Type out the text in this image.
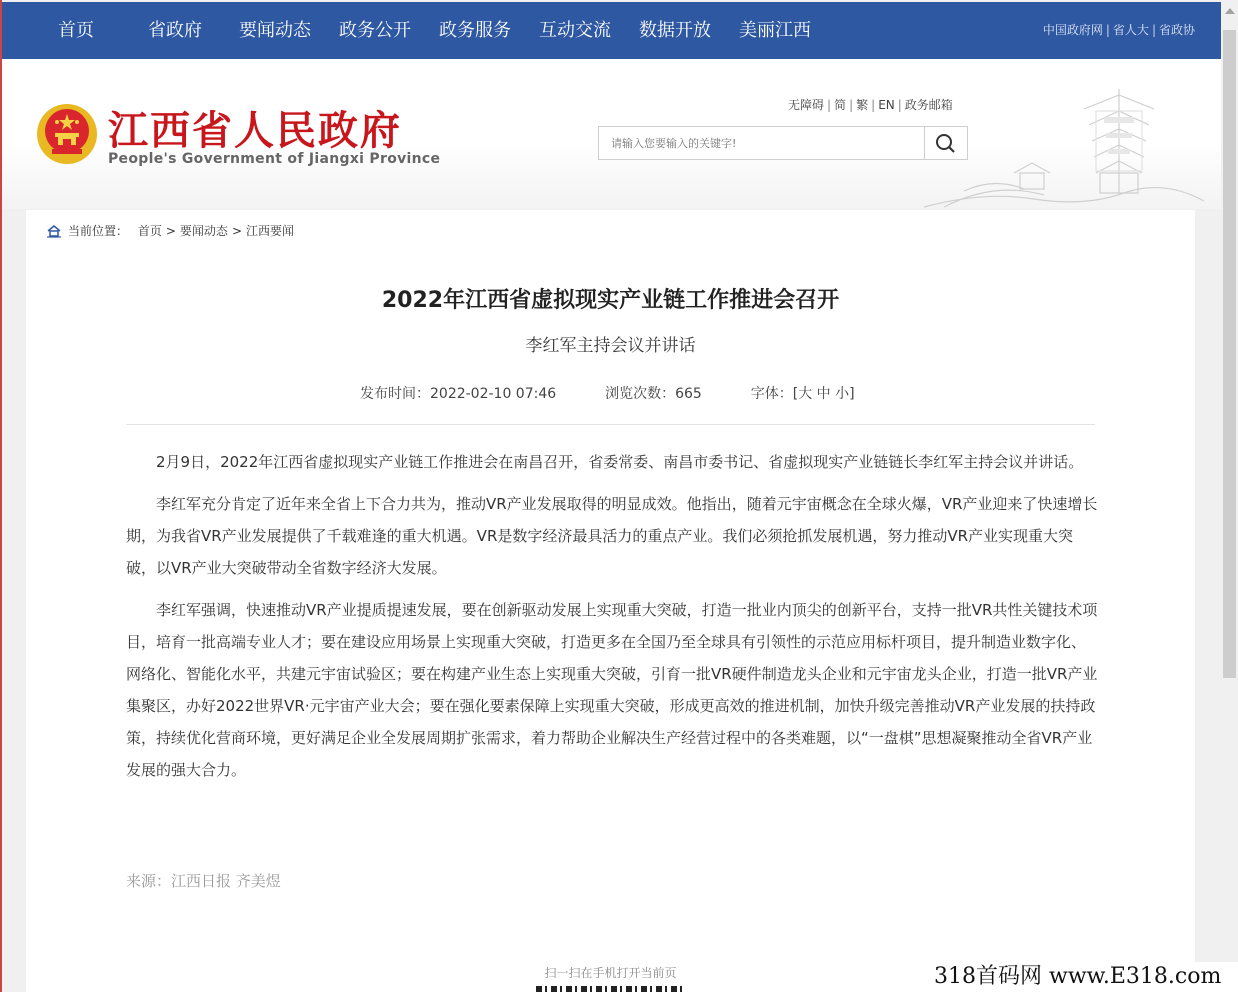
首页	省政府 要闻动态 政务公开 政务服务 互动交流 数据开放 美丽江西	中国政府网 | 省人大 | 省政协
江西省人民政府
People's Government of Jiangxi Province
无障碍 | 简 | 繁 | EN | 政务邮箱
请输入您要输入的关键字!
当前位置： 首页 > 要闻动态 > 江西要闻
2022年江西省虚拟现实产业链工作推进会召开
李红军主持会议并讲话
发布时间：2022-02-10 07:46	浏览次数：665	字体：[大 中 小]

2月9日，2022年江西省虚拟现实产业链工作推进会在南昌召开，省委常委、南昌市委书记、省虚拟现实产业链链长李红军主持会议并讲话。

李红军充分肯定了近年来全省上下合力共为，推动VR产业发展取得的明显成效。他指出，随着元宇宙概念在全球火爆，VR产业迎来了快速增长期，为我省VR产业发展提供了千载难逢的重大机遇。VR是数字经济最具活力的重点产业。我们必须抢抓发展机遇，努力推动VR产业实现重大突破，以VR产业大突破带动全省数字经济大发展。

李红军强调，快速推动VR产业提质提速发展，要在创新驱动发展上实现重大突破，打造一批业内顶尖的创新平台，支持一批VR共性关键技术项目，培育一批高端专业人才；要在建设应用场景上实现重大突破，打造更多在全国乃至全球具有引领性的示范应用标杆项目，提升制造业数字化、网络化、智能化水平，共建元宇宙试验区；要在构建产业生态上实现重大突破，引育一批VR硬件制造龙头企业和元宇宙龙头企业，打造一批VR产业集聚区，办好2022世界VR·元宇宙产业大会；要在强化要素保障上实现重大突破，形成更高效的推进机制，加快升级完善推动VR产业发展的扶持政策，持续优化营商环境，更好满足企业全发展周期扩张需求，着力帮助企业解决生产经营过程中的各类难题，以“一盘棋”思想凝聚推动全省VR产业发展的强大合力。

来源：江西日报 齐美煜
扫一扫在手机打开当前页	318首码网 www.E318.com
